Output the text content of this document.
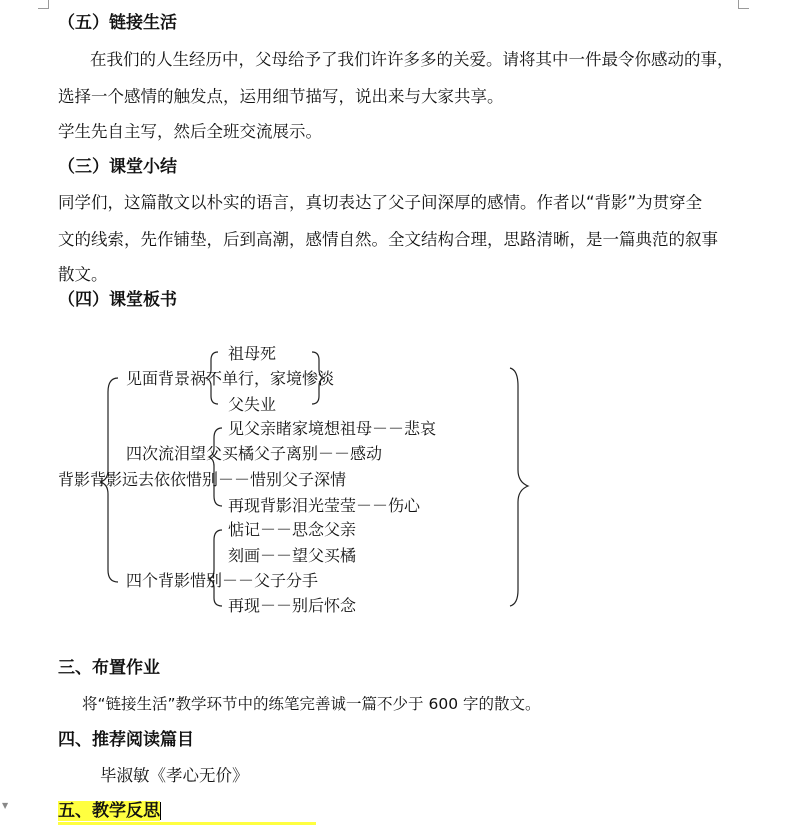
（五）链接生活
在我们的人生经历中，父母给予了我们许许多多的关爱。请将其中一件最令你感动的事，
选择一个感情的触发点，运用细节描写，说出来与大家共享。
学生先自主写，然后全班交流展示。
（三）课堂小结
同学们，这篇散文以朴实的语言，真切表达了父子间深厚的感情。作者以“背影”为贯穿全
文的线索，先作铺垫，后到高潮，感情自然。全文结构合理，思路清晰，是一篇典范的叙事
散文。
（四）课堂板书
祖母死
见面背景祸不单行，家境惨淡
父失业
见父亲睹家境想祖母－－悲哀
四次流泪望父买橘父子离别－－感动
背影背影远去依依惜别－－惜别父子深情
再现背影泪光莹莹－－伤心
惦记－－思念父亲
刻画－－望父买橘
四个背影惜别－－父子分手
再现－－别后怀念
三、布置作业
将“链接生活”教学环节中的练笔完善诚一篇不少于 600 字的散文。
四、推荐阅读篇目
毕淑敏《孝心无价》
▼	五、教学反思
